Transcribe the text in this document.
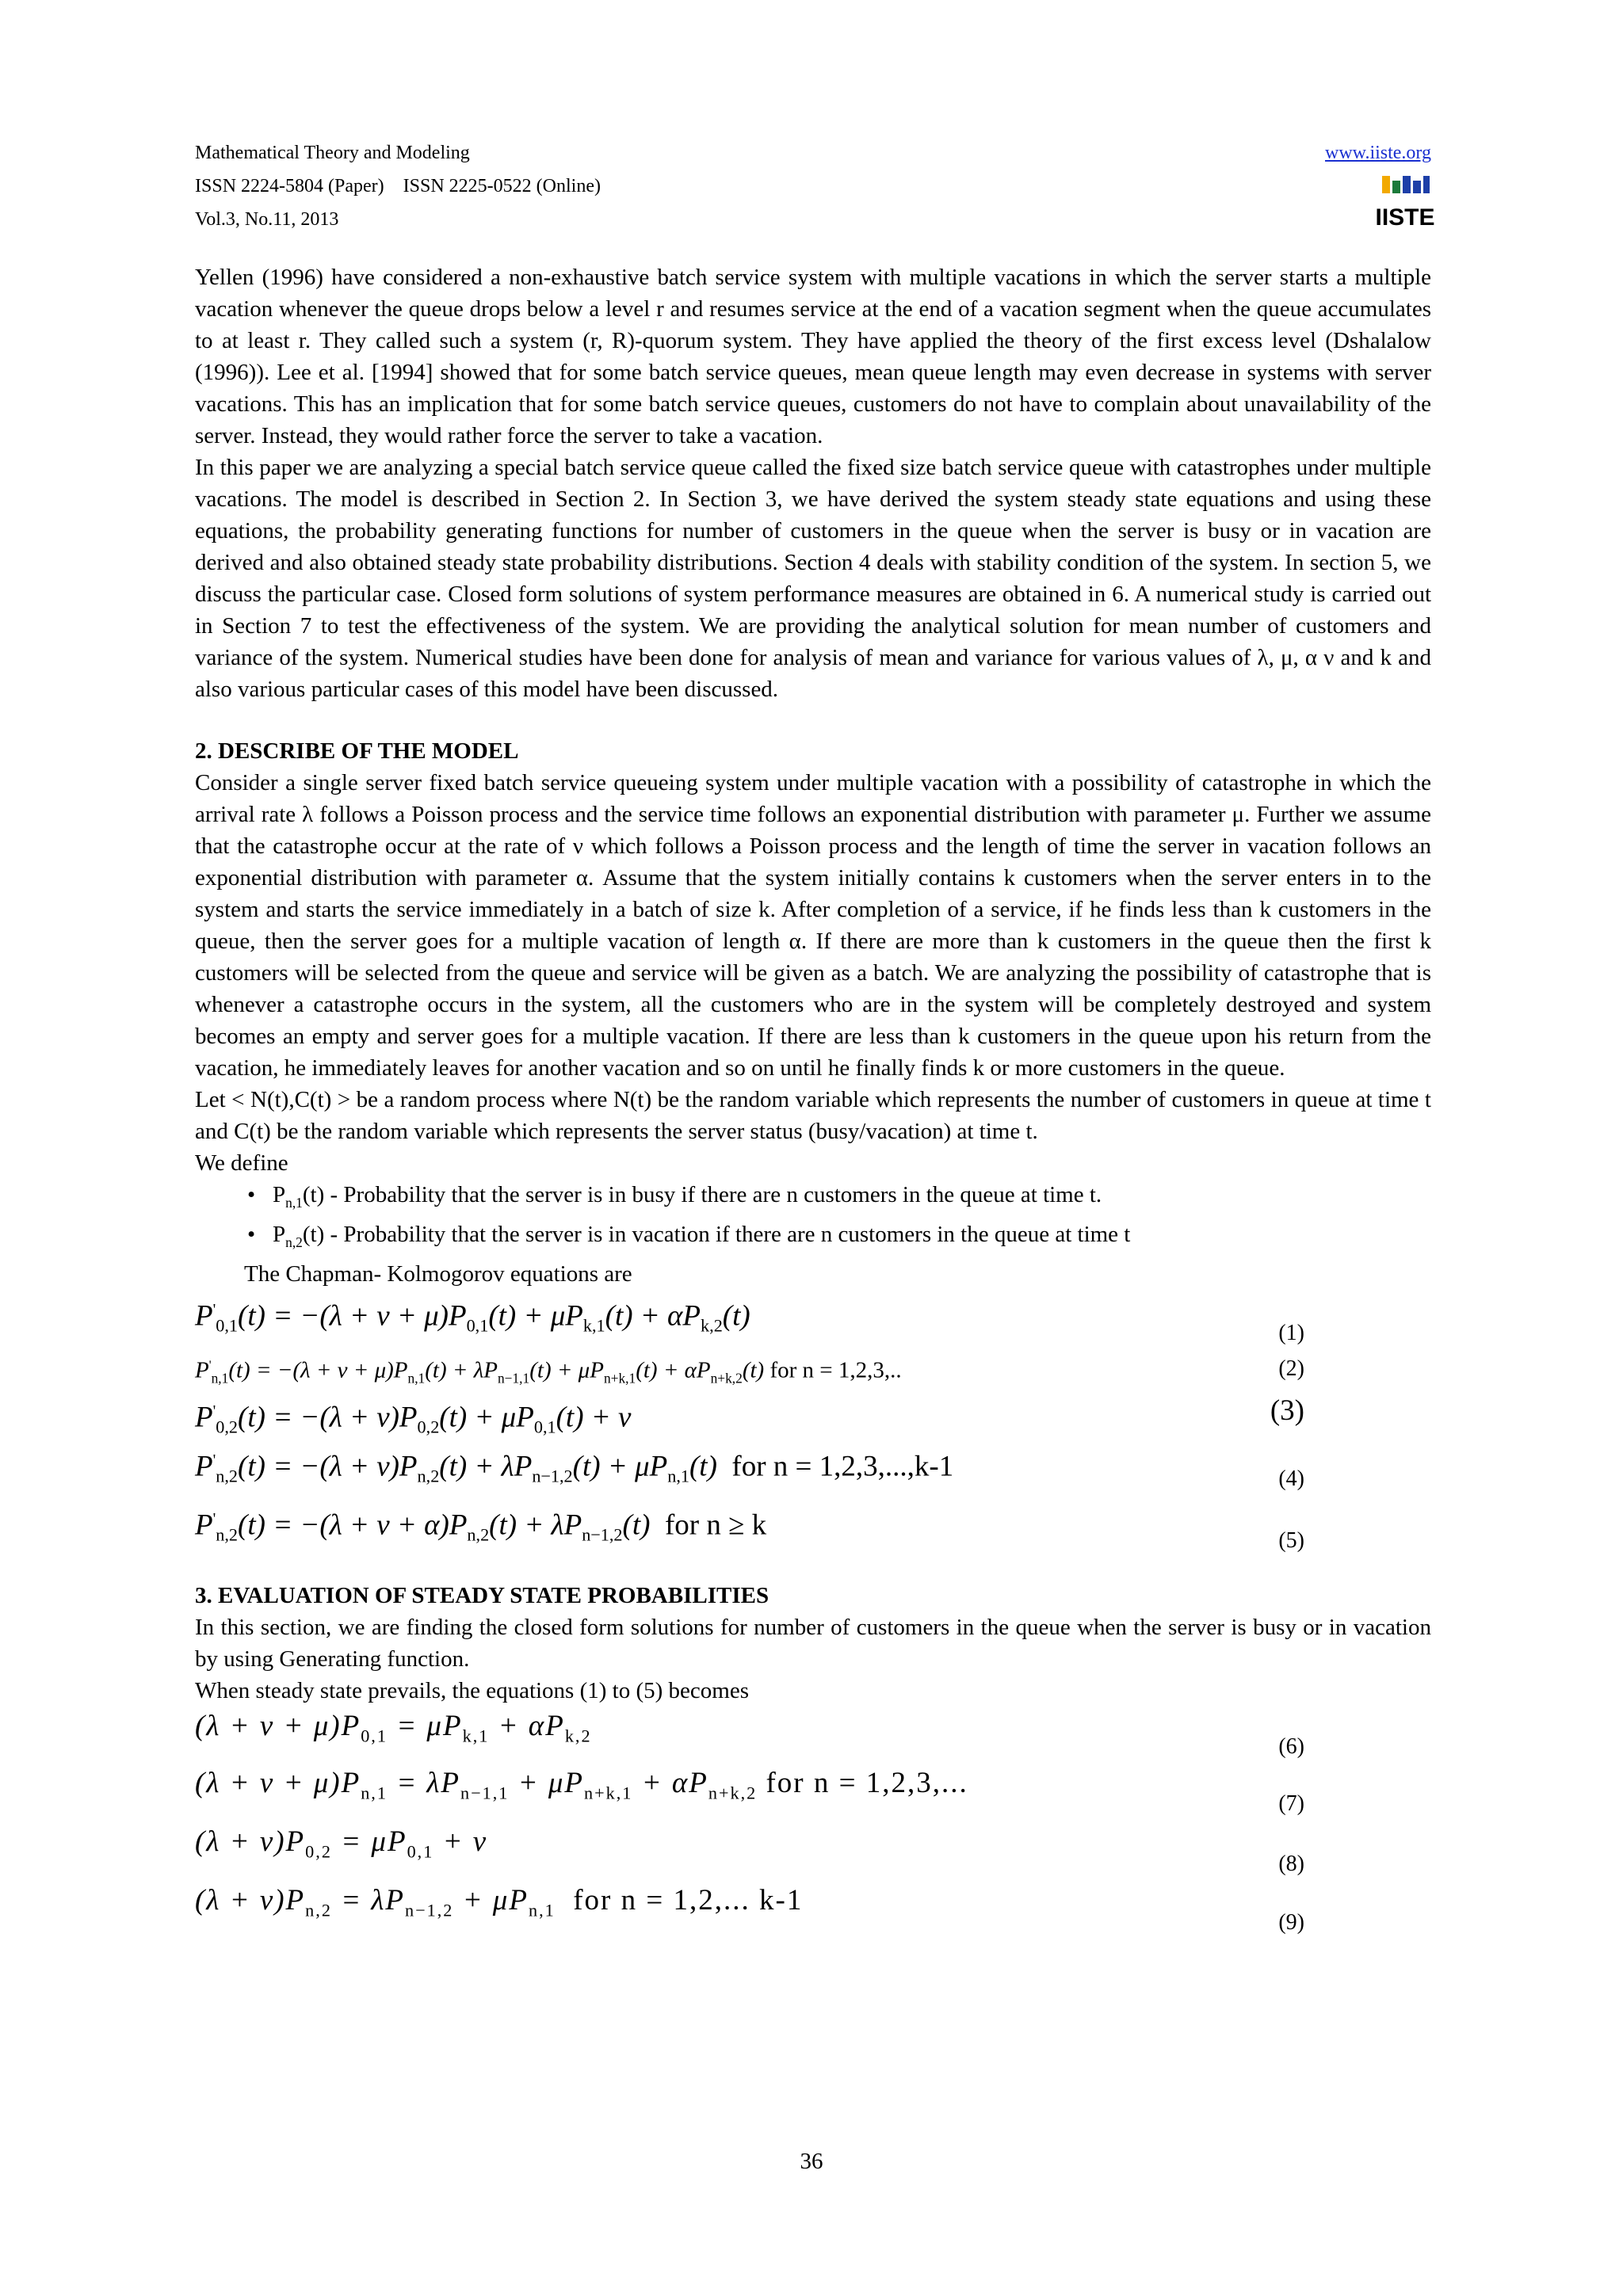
Mathematical Theory and Modeling
ISSN 2224-5804 (Paper)    ISSN 2225-0522 (Online)
Vol.3, No.11, 2013
www.iiste.org
IISTE

Yellen (1996) have considered a non-exhaustive batch service system with multiple vacations in which the server starts a multiple vacation whenever the queue drops below a level r and resumes service at the end of a vacation segment when the queue accumulates to at least r. They called such a system (r, R)-quorum system. They have applied the theory of the first excess level (Dshalalow (1996)). Lee et al. [1994] showed that for some batch service queues, mean queue length may even decrease in systems with server vacations. This has an implication that for some batch service queues, customers do not have to complain about unavailability of the server. Instead, they would rather force the server to take a vacation.

In this paper we are analyzing a special batch service queue called the fixed size batch service queue with catastrophes under multiple vacations. The model is described in Section 2. In Section 3, we have derived the system steady state equations and using these equations, the probability generating functions for number of customers in the queue when the server is busy or in vacation are derived and also obtained steady state probability distributions. Section 4 deals with stability condition of the system. In section 5, we discuss the particular case. Closed form solutions of system performance measures are obtained in 6. A numerical study is carried out in Section 7 to test the effectiveness of the system. We are providing the analytical solution for mean number of customers and variance of the system. Numerical studies have been done for analysis of mean and variance for various values of λ, μ, α ν and k and also various particular cases of this model have been discussed.

2. DESCRIBE OF THE MODEL

Consider a single server fixed batch service queueing system under multiple vacation with a possibility of catastrophe in which the arrival rate λ follows a Poisson process and the service time follows an exponential distribution with parameter μ. Further we assume that the catastrophe occur at the rate of ν which follows a Poisson process and the length of time the server in vacation follows an exponential distribution with parameter α. Assume that the system initially contains k customers when the server enters in to the system and starts the service immediately in a batch of size k. After completion of a service, if he finds less than k customers in the queue, then the server goes for a multiple vacation of length α. If there are more than k customers in the queue then the first k customers will be selected from the queue and service will be given as a batch. We are analyzing the possibility of catastrophe that is whenever a catastrophe occurs in the system, all the customers who are in the system will be completely destroyed and system becomes an empty and server goes for a multiple vacation. If there are less than k customers in the queue upon his return from the vacation, he immediately leaves for another vacation and so on until he finally finds k or more customers in the queue.

Let < N(t),C(t) > be a random process where N(t) be the random variable which represents the number of customers in queue at time t and C(t) be the random variable which represents the server status (busy/vacation) at time t.

We define

• $P_{n,1}(t)$ - Probability that the server is in busy if there are n customers in the queue at time t.
• $P_{n,2}(t)$ - Probability that the server is in vacation if there are n customers in the queue at time t
The Chapman- Kolmogorov equations are
$P'_{0,1}(t) = -(\lambda + \nu + \mu)P_{0,1}(t) + \mu P_{k,1}(t) + \alpha P_{k,2}(t)$
(1)
$P'_{n,1}(t) = -(\lambda + \nu + \mu)P_{n,1}(t) + \lambda P_{n-1,1}(t) + \mu P_{n+k,1}(t) + \alpha P_{n+k,2}(t)$ for n = 1,2,3,..	(2)
$P'_{0,2}(t) = -(\lambda + \nu)P_{0,2}(t) + \mu P_{0,1}(t) + \nu$	(3)
$P'_{n,2}(t) = -(\lambda + \nu)P_{n,2}(t) + \lambda P_{n-1,2}(t) + \mu P_{n,1}(t)$  for n = 1,2,3,...,k-1	(4)
$P'_{n,2}(t) = -(\lambda + \nu + \alpha)P_{n,2}(t) + \lambda P_{n-1,2}(t)$  for n ≥ k	(5)
3. EVALUATION OF STEADY STATE PROBABILITIES

In this section, we are finding the closed form solutions for number of customers in the queue when the server is busy or in vacation by using Generating function.

When steady state prevails, the equations (1) to (5) becomes

$(\lambda + \nu + \mu)P_{0,1} = \mu P_{k,1} + \alpha P_{k,2}$	(6)
$(\lambda + \nu + \mu)P_{n,1} = \lambda P_{n-1,1} + \mu P_{n+k,1} + \alpha P_{n+k,2}$ for n = 1,2,3,...
(7)
$(\lambda + \nu)P_{0,2} = \mu P_{0,1} + \nu$
(8)
$(\lambda + \nu)P_{n,2} = \lambda P_{n-1,2} + \mu P_{n,1}$ for n = 1,2,... k-1
(9)
36
